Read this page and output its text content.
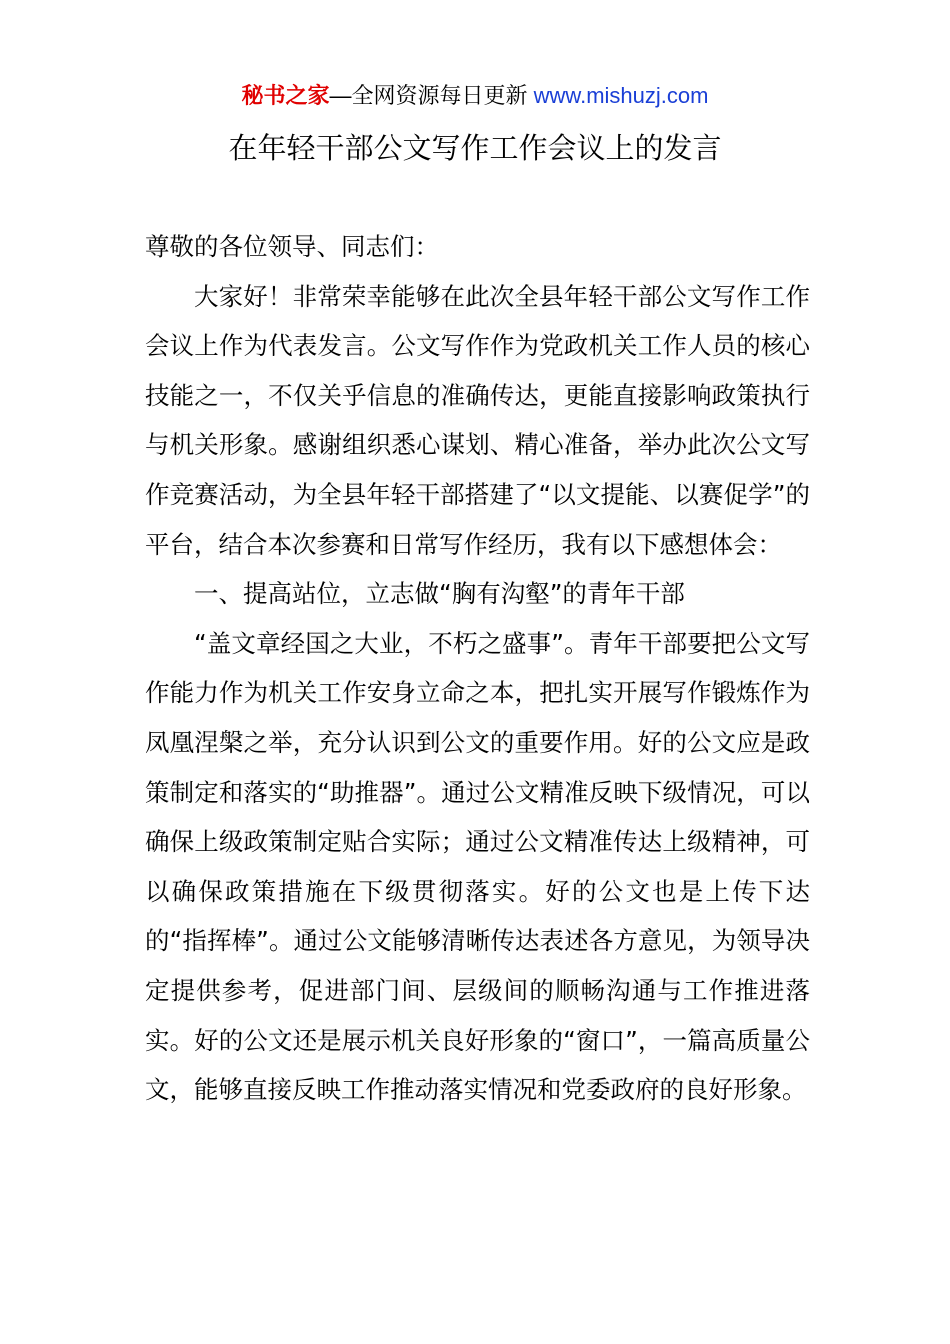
秘书之家—全网资源每日更新 www.mishuzj.com
在年轻干部公文写作工作会议上的发言

尊敬的各位领导、同志们：

大家好！非常荣幸能够在此次全县年轻干部公文写作工作会议上作为代表发言。公文写作作为党政机关工作人员的核心技能之一，不仅关乎信息的准确传达，更能直接影响政策执行与机关形象。感谢组织悉心谋划、精心准备，举办此次公文写作竞赛活动，为全县年轻干部搭建了“以文提能、以赛促学”的平台，结合本次参赛和日常写作经历，我有以下感想体会：

一、提高站位，立志做“胸有沟壑”的青年干部

“盖文章经国之大业，不朽之盛事”。青年干部要把公文写作能力作为机关工作安身立命之本，把扎实开展写作锻炼作为凤凰涅槃之举，充分认识到公文的重要作用。好的公文应是政策制定和落实的“助推器”。通过公文精准反映下级情况，可以确保上级政策制定贴合实际；通过公文精准传达上级精神，可以确保政策措施在下级贯彻落实。好的公文也是上传下达的“指挥棒”。通过公文能够清晰传达表述各方意见，为领导决定提供参考，促进部门间、层级间的顺畅沟通与工作推进落实。好的公文还是展示机关良好形象的“窗口”，一篇高质量公文，能够直接反映工作推动落实情况和党委政府的良好形象。
